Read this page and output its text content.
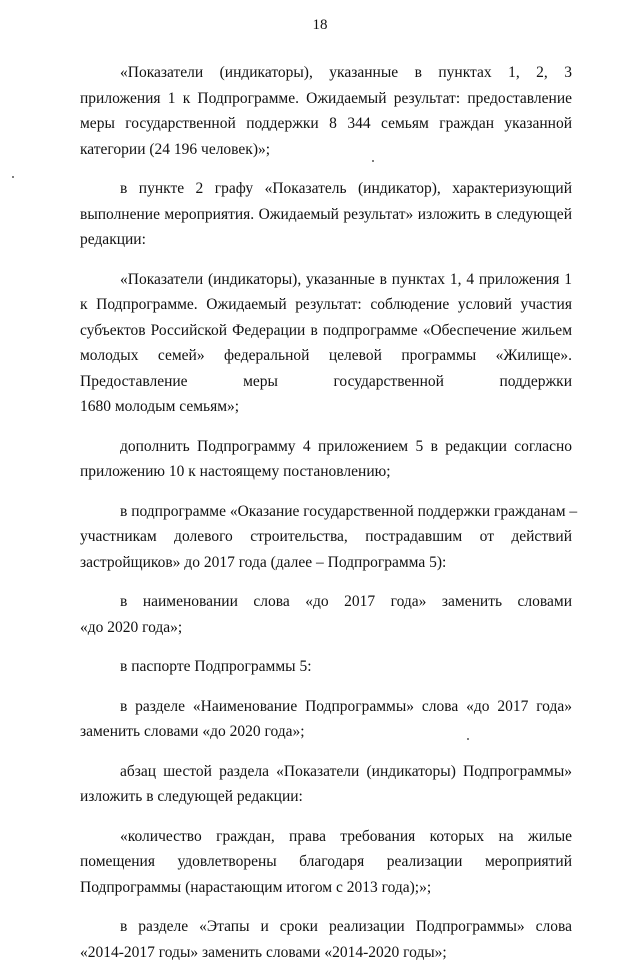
18

«Показатели (индикаторы), указанные в пунктах 1, 2, 3
приложения 1 к Подпрограмме. Ожидаемый результат: предоставление
меры государственной поддержки 8 344 семьям граждан указанной
категории (24 196 человек)»;

в пункте 2 графу «Показатель (индикатор), характеризующий
выполнение мероприятия. Ожидаемый результат» изложить в следующей
редакции:

«Показатели (индикаторы), указанные в пунктах 1, 4 приложения 1
к Подпрограмме. Ожидаемый результат: соблюдение условий участия
субъектов Российской Федерации в подпрограмме «Обеспечение жильем
молодых семей» федеральной целевой программы «Жилище».
Предоставление меры государственной поддержки
1680 молодым семьям»;

дополнить Подпрограмму 4 приложением 5 в редакции согласно
приложению 10 к настоящему постановлению;

в подпрограмме «Оказание государственной поддержки гражданам –
участникам долевого строительства, пострадавшим от действий
застройщиков» до 2017 года (далее – Подпрограмма 5):

в наименовании слова «до 2017 года» заменить словами
«до 2020 года»;

в паспорте Подпрограммы 5:

в разделе «Наименование Подпрограммы» слова «до 2017 года»
заменить словами «до 2020 года»;

абзац шестой раздела «Показатели (индикаторы) Подпрограммы»
изложить в следующей редакции:

«количество граждан, права требования которых на жилые
помещения удовлетворены благодаря реализации мероприятий
Подпрограммы (нарастающим итогом с 2013 года);»;

в разделе «Этапы и сроки реализации Подпрограммы» слова
«2014-2017 годы» заменить словами «2014-2020 годы»;
